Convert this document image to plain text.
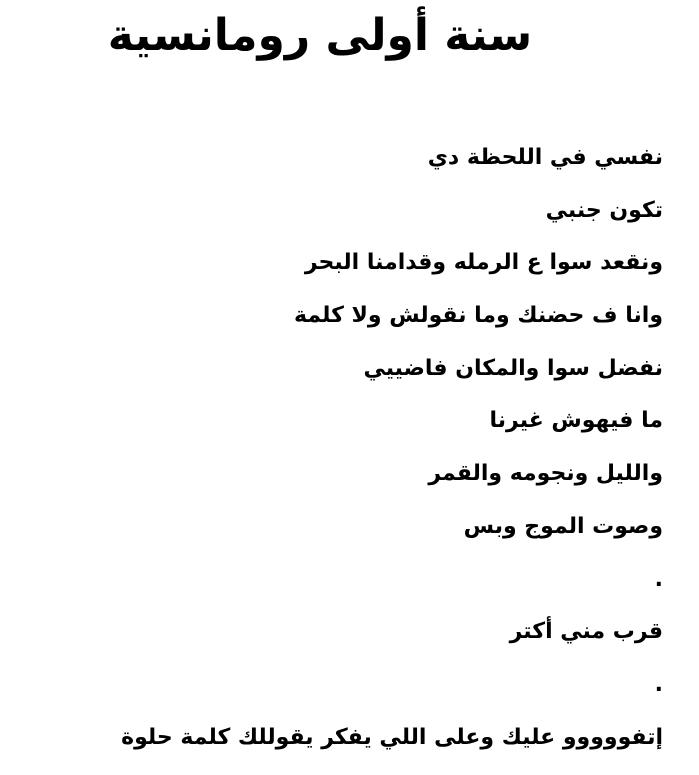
سنة أولى رومانسية
نفسي في اللحظة دي
تكون جنبي
ونقعد سوا ع الرمله وقدامنا البحر
وانا ف حضنك وما نقولش ولا كلمة
نفضل سوا والمكان فاضييي
ما فيهوش غيرنا
والليل ونجومه والقمر
وصوت الموج وبس
.
قرب مني أكتر
.
إتفووووو عليك وعلى اللي يفكر يقوللك كلمة حلوة
